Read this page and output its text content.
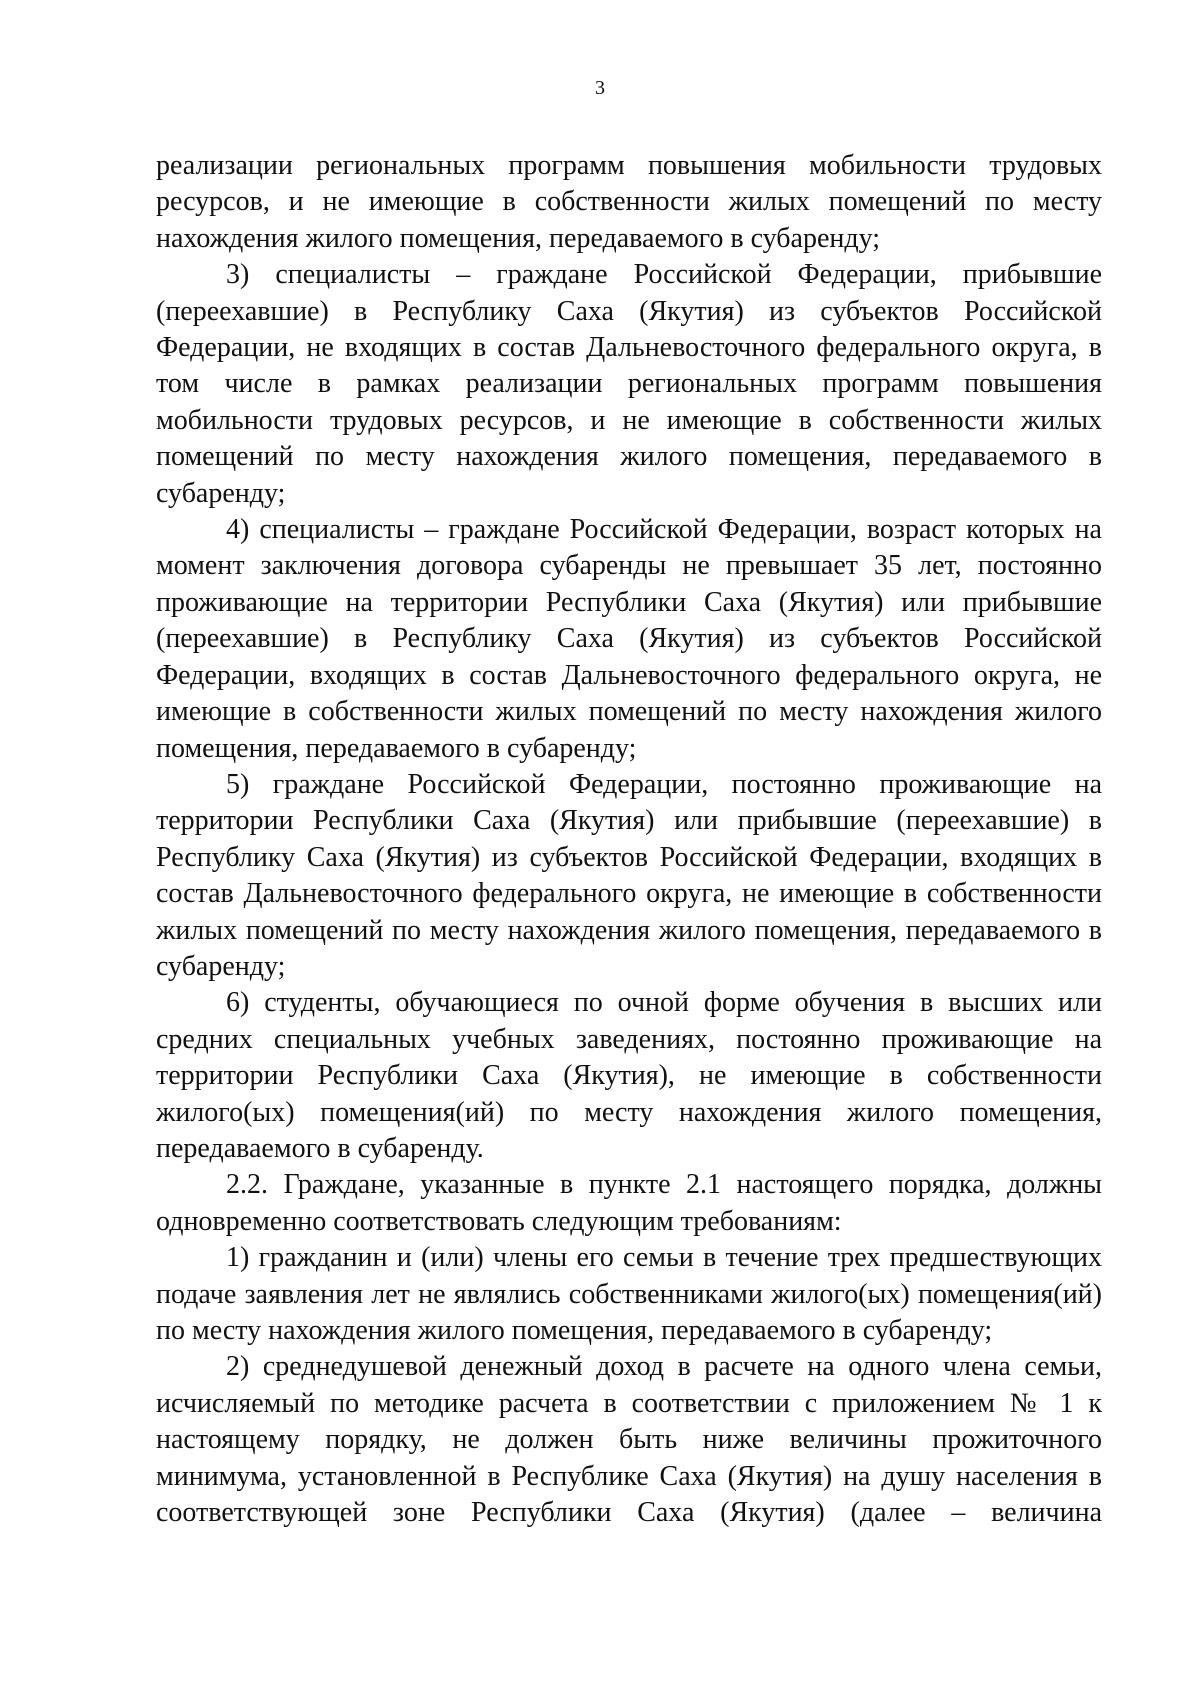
3
реализации региональных программ повышения мобильности трудовых
ресурсов, и не имеющие в собственности жилых помещений по месту
нахождения жилого помещения, передаваемого в субаренду;
3) специалисты – граждане Российской Федерации, прибывшие
(переехавшие) в Республику Саха (Якутия) из субъектов Российской
Федерации, не входящих в состав Дальневосточного федерального округа, в
том числе в рамках реализации региональных программ повышения
мобильности трудовых ресурсов, и не имеющие в собственности жилых
помещений по месту нахождения жилого помещения, передаваемого в
субаренду;
4) специалисты – граждане Российской Федерации, возраст которых на
момент заключения договора субаренды не превышает 35 лет, постоянно
проживающие на территории Республики Саха (Якутия) или прибывшие
(переехавшие) в Республику Саха (Якутия) из субъектов Российской
Федерации, входящих в состав Дальневосточного федерального округа, не
имеющие в собственности жилых помещений по месту нахождения жилого
помещения, передаваемого в субаренду;
5) граждане Российской Федерации, постоянно проживающие на
территории Республики Саха (Якутия) или прибывшие (переехавшие) в
Республику Саха (Якутия) из субъектов Российской Федерации, входящих в
состав Дальневосточного федерального округа, не имеющие в собственности
жилых помещений по месту нахождения жилого помещения, передаваемого в
субаренду;
6) студенты, обучающиеся по очной форме обучения в высших или
средних специальных учебных заведениях, постоянно проживающие на
территории Республики Саха (Якутия), не имеющие в собственности
жилого(ых) помещения(ий) по месту нахождения жилого помещения,
передаваемого в субаренду.
2.2. Граждане, указанные в пункте 2.1 настоящего порядка, должны
одновременно соответствовать следующим требованиям:
1) гражданин и (или) члены его семьи в течение трех предшествующих
подаче заявления лет не являлись собственниками жилого(ых) помещения(ий)
по месту нахождения жилого помещения, передаваемого в субаренду;
2) среднедушевой денежный доход в расчете на одного члена семьи,
исчисляемый по методике расчета в соответствии с приложением № 1 к
настоящему порядку, не должен быть ниже величины прожиточного
минимума, установленной в Республике Саха (Якутия) на душу населения в
соответствующей зоне Республики Саха (Якутия) (далее – величина
